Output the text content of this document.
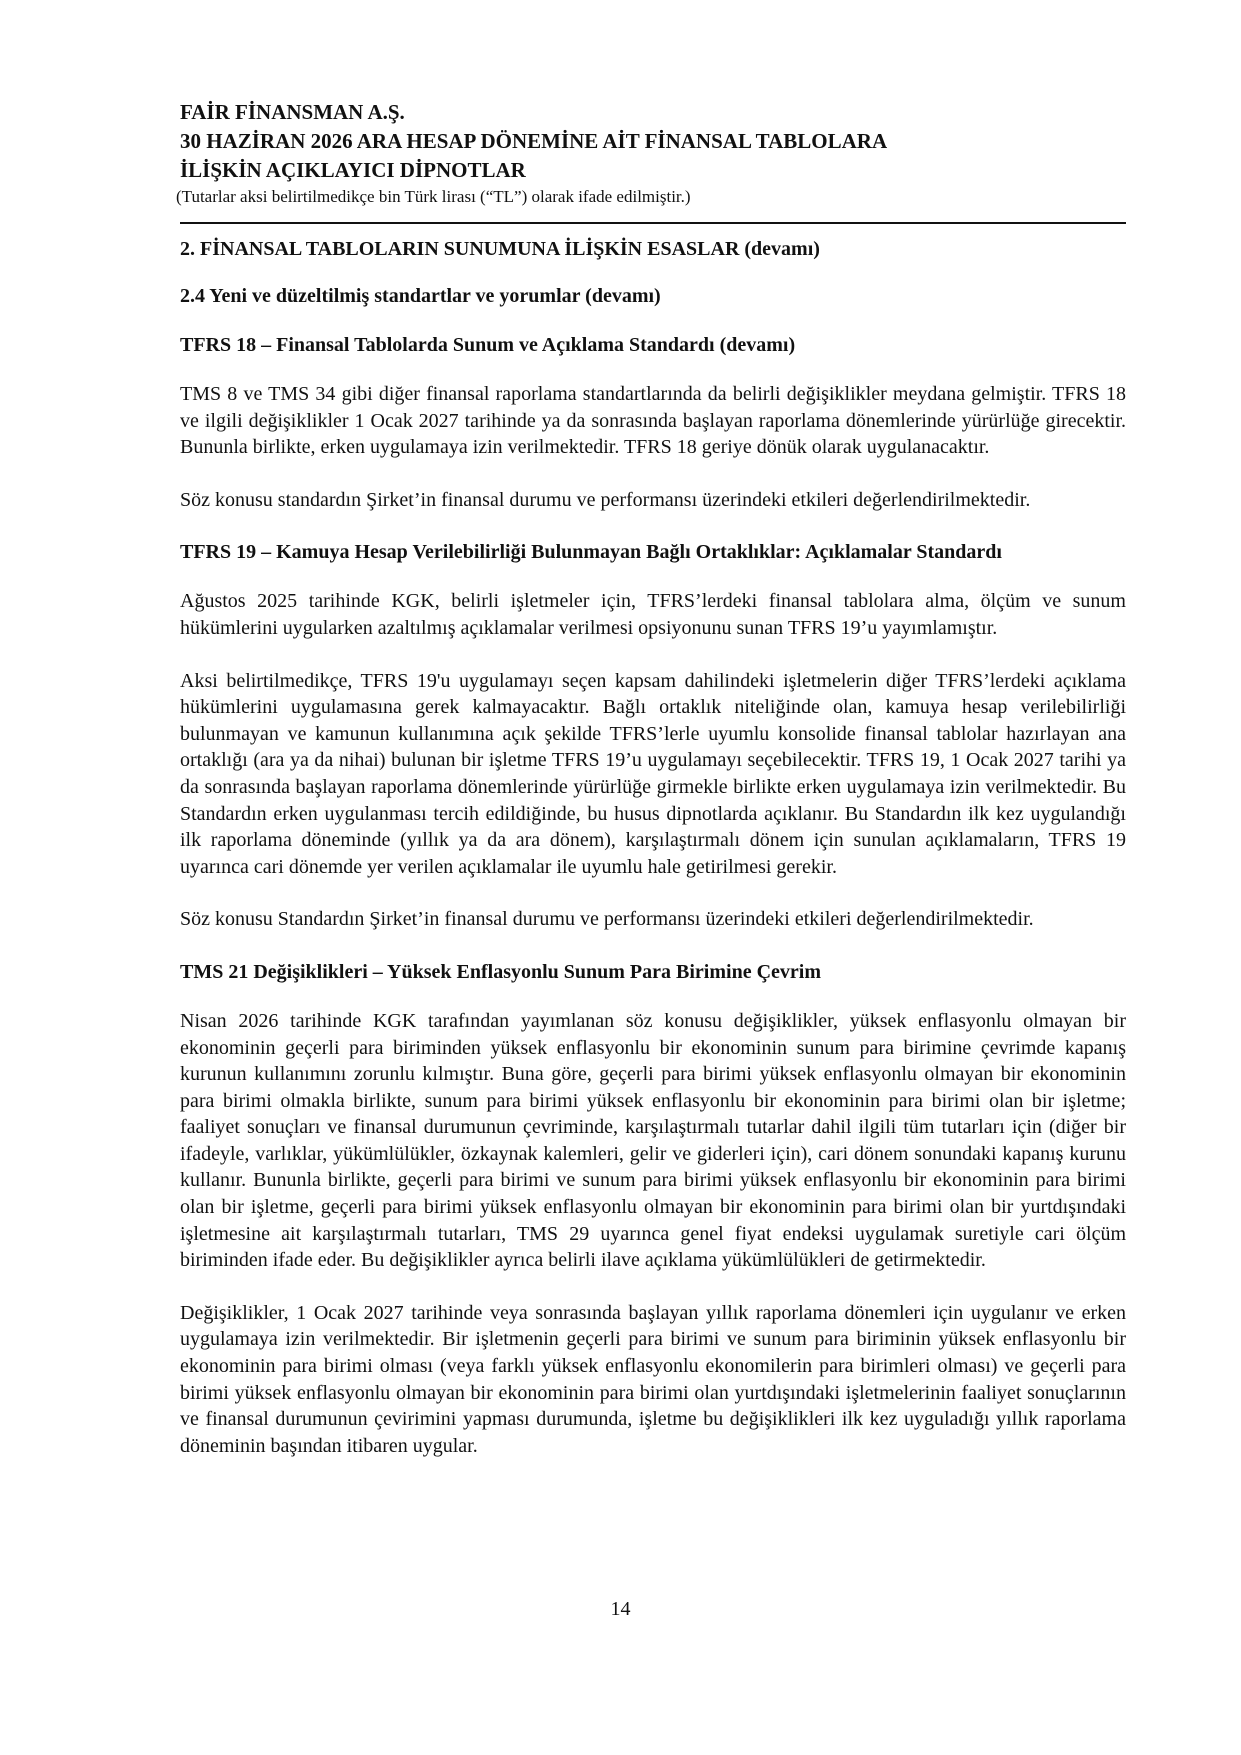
FAİR FİNANSMAN A.Ş.

30 HAZİRAN 2026 ARA HESAP DÖNEMİNE AİT FİNANSAL TABLOLARA

İLİŞKİN AÇIKLAYICI DİPNOTLAR

(Tutarlar aksi belirtilmedikçe bin Türk lirası (“TL”) olarak ifade edilmiştir.)
2. FİNANSAL TABLOLARIN SUNUMUNA İLİŞKİN ESASLAR (devamı)
2.4 Yeni ve düzeltilmiş standartlar ve yorumlar (devamı)
TFRS 18 – Finansal Tablolarda Sunum ve Açıklama Standardı (devamı)

TMS 8 ve TMS 34 gibi diğer finansal raporlama standartlarında da belirli değişiklikler meydana gelmiştir. TFRS 18 ve ilgili değişiklikler 1 Ocak 2027 tarihinde ya da sonrasında başlayan raporlama dönemlerinde yürürlüğe girecektir. Bununla birlikte, erken uygulamaya izin verilmektedir. TFRS 18 geriye dönük olarak uygulanacaktır.

Söz konusu standardın Şirket’in finansal durumu ve performansı üzerindeki etkileri değerlendirilmektedir.

TFRS 19 – Kamuya Hesap Verilebilirliği Bulunmayan Bağlı Ortaklıklar: Açıklamalar Standardı

Ağustos 2025 tarihinde KGK, belirli işletmeler için, TFRS’lerdeki finansal tablolara alma, ölçüm ve sunum hükümlerini uygularken azaltılmış açıklamalar verilmesi opsiyonunu sunan TFRS 19’u yayımlamıştır.

Aksi belirtilmedikçe, TFRS 19'u uygulamayı seçen kapsam dahilindeki işletmelerin diğer TFRS’lerdeki açıklama hükümlerini uygulamasına gerek kalmayacaktır. Bağlı ortaklık niteliğinde olan, kamuya hesap verilebilirliği bulunmayan ve kamunun kullanımına açık şekilde TFRS’lerle uyumlu konsolide finansal tablolar hazırlayan ana ortaklığı (ara ya da nihai) bulunan bir işletme TFRS 19’u uygulamayı seçebilecektir. TFRS 19, 1 Ocak 2027 tarihi ya da sonrasında başlayan raporlama dönemlerinde yürürlüğe girmekle birlikte erken uygulamaya izin verilmektedir. Bu Standardın erken uygulanması tercih edildiğinde, bu husus dipnotlarda açıklanır. Bu Standardın ilk kez uygulandığı ilk raporlama döneminde (yıllık ya da ara dönem), karşılaştırmalı dönem için sunulan açıklamaların, TFRS 19 uyarınca cari dönemde yer verilen açıklamalar ile uyumlu hale getirilmesi gerekir.

Söz konusu Standardın Şirket’in finansal durumu ve performansı üzerindeki etkileri değerlendirilmektedir.

TMS 21 Değişiklikleri – Yüksek Enflasyonlu Sunum Para Birimine Çevrim

Nisan 2026 tarihinde KGK tarafından yayımlanan söz konusu değişiklikler, yüksek enflasyonlu olmayan bir ekonominin geçerli para biriminden yüksek enflasyonlu bir ekonominin sunum para birimine çevrimde kapanış kurunun kullanımını zorunlu kılmıştır. Buna göre, geçerli para birimi yüksek enflasyonlu olmayan bir ekonominin para birimi olmakla birlikte, sunum para birimi yüksek enflasyonlu bir ekonominin para birimi olan bir işletme; faaliyet sonuçları ve finansal durumunun çevriminde, karşılaştırmalı tutarlar dahil ilgili tüm tutarları için (diğer bir ifadeyle, varlıklar, yükümlülükler, özkaynak kalemleri, gelir ve giderleri için), cari dönem sonundaki kapanış kurunu kullanır. Bununla birlikte, geçerli para birimi ve sunum para birimi yüksek enflasyonlu bir ekonominin para birimi olan bir işletme, geçerli para birimi yüksek enflasyonlu olmayan bir ekonominin para birimi olan bir yurtdışındaki işletmesine ait karşılaştırmalı tutarları, TMS 29 uyarınca genel fiyat endeksi uygulamak suretiyle cari ölçüm biriminden ifade eder. Bu değişiklikler ayrıca belirli ilave açıklama yükümlülükleri de getirmektedir.

Değişiklikler, 1 Ocak 2027 tarihinde veya sonrasında başlayan yıllık raporlama dönemleri için uygulanır ve erken uygulamaya izin verilmektedir. Bir işletmenin geçerli para birimi ve sunum para biriminin yüksek enflasyonlu bir ekonominin para birimi olması (veya farklı yüksek enflasyonlu ekonomilerin para birimleri olması) ve geçerli para birimi yüksek enflasyonlu olmayan bir ekonominin para birimi olan yurtdışındaki işletmelerinin faaliyet sonuçlarının ve finansal durumunun çevirimini yapması durumunda, işletme bu değişiklikleri ilk kez uyguladığı yıllık raporlama döneminin başından itibaren uygular.

14
